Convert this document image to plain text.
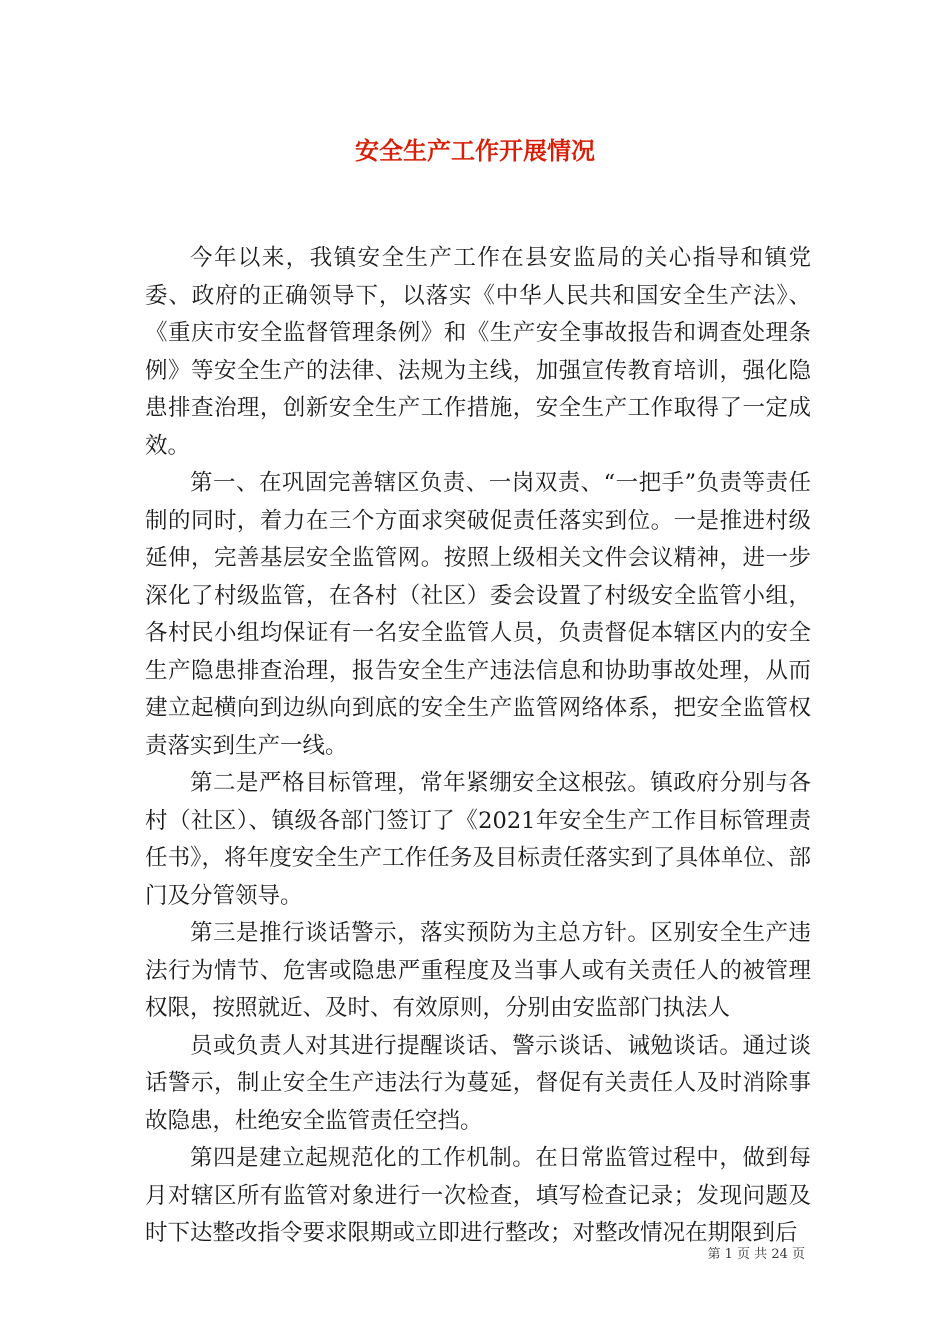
安全生产工作开展情况

今年以来，我镇安全生产工作在县安监局的关心指导和镇党委、政府的正确领导下，以落实《中华人民共和国安全生产法》、《重庆市安全监督管理条例》和《生产安全事故报告和调查处理条例》等安全生产的法律、法规为主线，加强宣传教育培训，强化隐患排查治理，创新安全生产工作措施，安全生产工作取得了一定成效。

第一、在巩固完善辖区负责、一岗双责、“一把手”负责等责任制的同时，着力在三个方面求突破促责任落实到位。一是推进村级延伸，完善基层安全监管网。按照上级相关文件会议精神，进一步深化了村级监管，在各村（社区）委会设置了村级安全监管小组，各村民小组均保证有一名安全监管人员，负责督促本辖区内的安全生产隐患排查治理，报告安全生产违法信息和协助事故处理，从而建立起横向到边纵向到底的安全生产监管网络体系，把安全监管权责落实到生产一线。

第二是严格目标管理，常年紧绷安全这根弦。镇政府分别与各村（社区）、镇级各部门签订了《2021年安全生产工作目标管理责任书》，将年度安全生产工作任务及目标责任落实到了具体单位、部门及分管领导。

第三是推行谈话警示，落实预防为主总方针。区别安全生产违法行为情节、危害或隐患严重程度及当事人或有关责任人的被管理权限，按照就近、及时、有效原则，分别由安监部门执法人

员或负责人对其进行提醒谈话、警示谈话、诫勉谈话。通过谈话警示，制止安全生产违法行为蔓延，督促有关责任人及时消除事故隐患，杜绝安全监管责任空挡。

第四是建立起规范化的工作机制。在日常监管过程中，做到每月对辖区所有监管对象进行一次检查，填写检查记录；发现问题及时下达整改指令要求限期或立即进行整改；对整改情况在期限到后

第 1 页 共 24 页
